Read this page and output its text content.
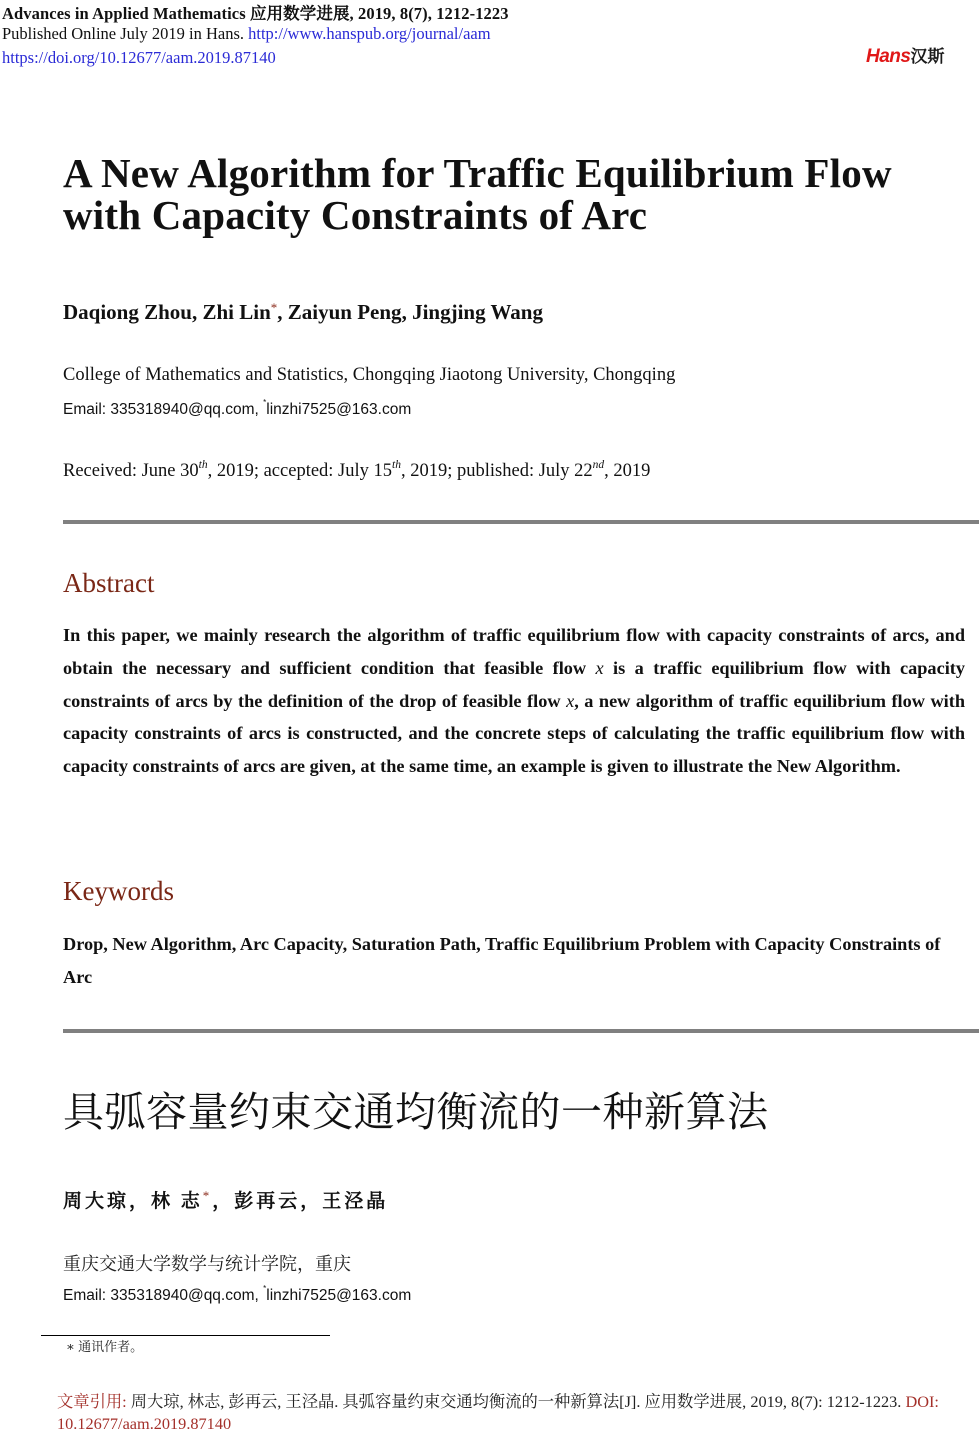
Advances in Applied Mathematics 应用数学进展, 2019, 8(7), 1212-1223
Published Online July 2019 in Hans. http://www.hanspub.org/journal/aam
https://doi.org/10.12677/aam.2019.87140	Hans汉斯
A New Algorithm for Traffic Equilibrium Flow with Capacity Constraints of Arc
Daqiong Zhou, Zhi Lin*, Zaiyun Peng, Jingjing Wang
College of Mathematics and Statistics, Chongqing Jiaotong University, Chongqing
Email: 335318940@qq.com, *linzhi7525@163.com
Received: June 30th, 2019; accepted: July 15th, 2019; published: July 22nd, 2019
Abstract
In this paper, we mainly research the algorithm of traffic equilibrium flow with capacity constraints of arcs, and obtain the necessary and sufficient condition that feasible flow x is a traffic equilibrium flow with capacity constraints of arcs by the definition of the drop of feasible flow x, a new algorithm of traffic equilibrium flow with capacity constraints of arcs is constructed, and the concrete steps of calculating the traffic equilibrium flow with capacity constraints of arcs are given, at the same time, an example is given to illustrate the New Algorithm.
Keywords
Drop, New Algorithm, Arc Capacity, Saturation Path, Traffic Equilibrium Problem with Capacity Constraints of Arc
具弧容量约束交通均衡流的一种新算法
周大琼，林 志*，彭再云，王泾晶
重庆交通大学数学与统计学院，重庆
Email: 335318940@qq.com, *linzhi7525@163.com
∗ 通讯作者。
文章引用: 周大琼, 林志, 彭再云, 王泾晶. 具弧容量约束交通均衡流的一种新算法[J]. 应用数学进展, 2019, 8(7): 1212-1223. DOI: 10.12677/aam.2019.87140
